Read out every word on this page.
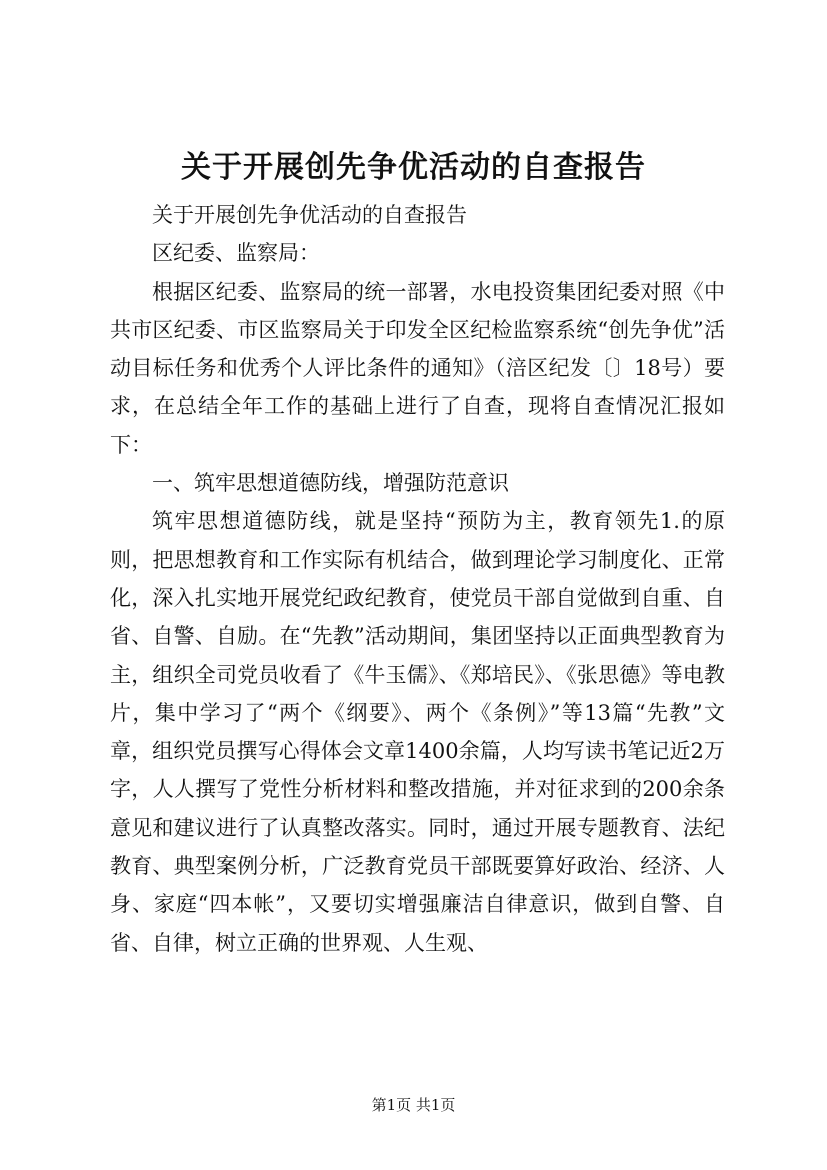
关于开展创先争优活动的自查报告

关于开展创先争优活动的自查报告

区纪委、监察局：

根据区纪委、监察局的统一部署，水电投资集团纪委对照《中共市区纪委、市区监察局关于印发全区纪检监察系统“创先争优”活动目标任务和优秀个人评比条件的通知》（涪区纪发〔〕18号）要求，在总结全年工作的基础上进行了自查，现将自查情况汇报如下：

一、筑牢思想道德防线，增强防范意识

筑牢思想道德防线，就是坚持“预防为主，教育领先1.的原则，把思想教育和工作实际有机结合，做到理论学习制度化、正常化，深入扎实地开展党纪政纪教育，使党员干部自觉做到自重、自省、自警、自励。在“先教”活动期间，集团坚持以正面典型教育为主，组织全司党员收看了《牛玉儒》、《郑培民》、《张思德》等电教片，集中学习了“两个《纲要》、两个《条例》”等13篇“先教”文章，组织党员撰写心得体会文章1400余篇，人均写读书笔记近2万字，人人撰写了党性分析材料和整改措施，并对征求到的200余条意见和建议进行了认真整改落实。同时，通过开展专题教育、法纪教育、典型案例分析，广泛教育党员干部既要算好政治、经济、人身、家庭“四本帐”，又要切实增强廉洁自律意识，做到自警、自省、自律，树立正确的世界观、人生观、

第1页 共1页
